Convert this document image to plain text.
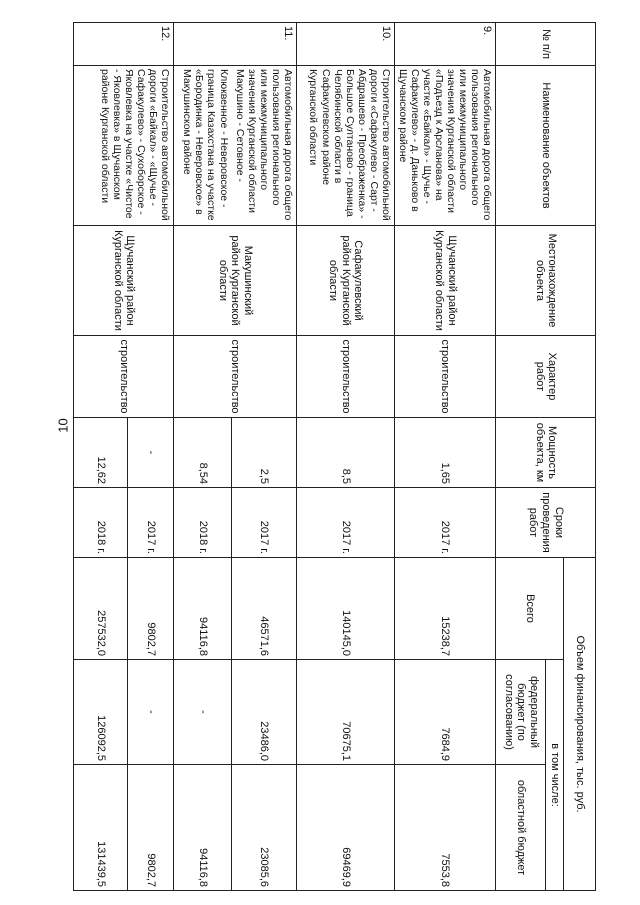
10
№ п/п	Наименование объектов	Местонахождение объекта	Характер работ	Мощность объекта, км	Сроки проведения работ	Объем финансирования, тыс. руб.		
						Всего	в том числе:	
							федеральный бюджет (по согласованию)	областной бюджет
9.	Автомобильная дорога общего пользования регионального или межмуниципального значения Курганской области «Подъезд к Арсланова» на участке «Байкал» - Щучье - Сафакулево» - д. Даньково в Щучанском районе	Щучанский район Курганской области	строительство	1,65	2017 г.	15238,7	7684,9	7553,8
10.	Строительство автомобильной дороги «Сафакулево - Сарт - Абдрашево - Преображенка» - Большое Султаново - граница Челябинской области в Сафакулевском районе Курганской области	Сафакулевский район Курганской области	строительство	8,5	2017 г.	140145,0	70675,1	69469,9
11.	Автомобильная дорога общего пользования регионального или межмуниципального значения Курганской области Макушино - Сетовное -	Макушинский район Курганской области	строительство	2,5	2017 г.	46571,6	23486,0	23085,6
	Клюквенное - Неверовское - граница Казахстана на участке «Бородинка - Неверовское» в Макушинском районе			8,54	2018 г.	94116,8	-	94116,8
12.	Строительство автомобильной дороги «Байкал» - «Щучье - Сафакулево» - Сухоборское - Яковлевка на участке «Чистое - Яковлевка» в Щучанском районе Курганской области	Щучанский район Курганской области	строительство	-	2017 г.	9802,7	-	9802,7
				12,62	2018 г.	257532,0	126092,5	131439,5
